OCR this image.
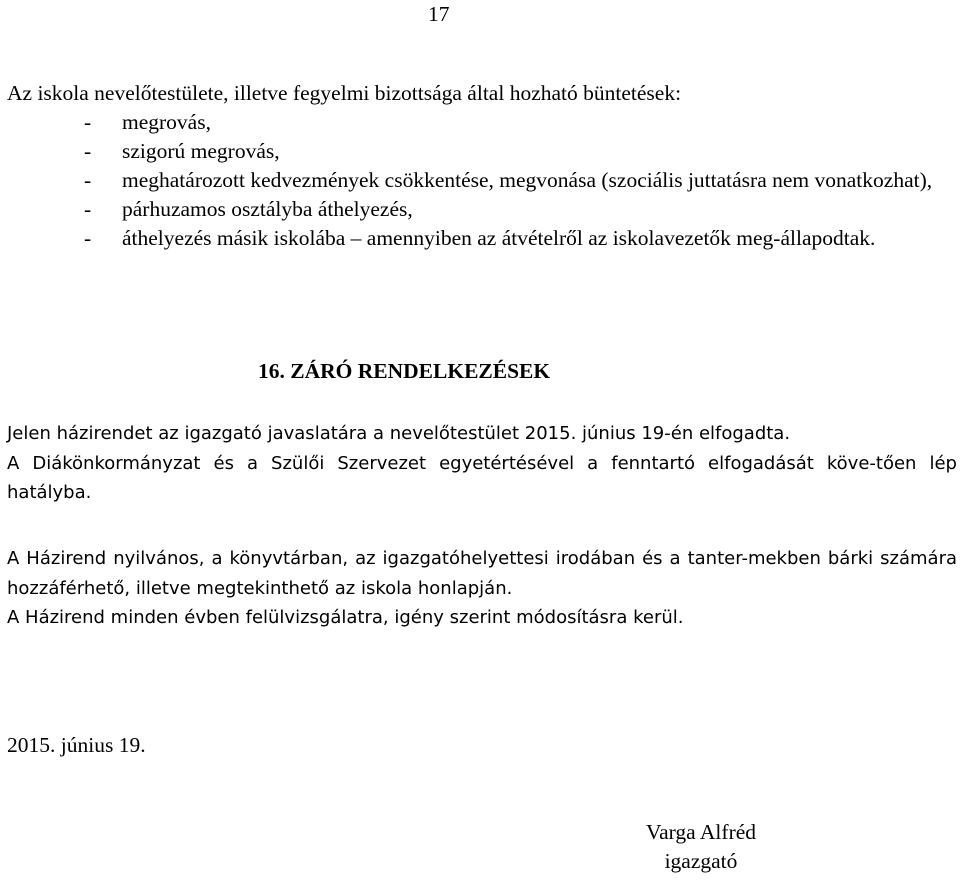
17
Az iskola nevelőtestülete, illetve fegyelmi bizottsága által hozható büntetések:
- megrovás,
- szigorú megrovás,
- meghatározott kedvezmények csökkentése, megvonása (szociális juttatásra nem vonatkozhat),
- párhuzamos osztályba áthelyezés,
- áthelyezés másik iskolába – amennyiben az átvételről az iskolavezetők meg-állapodtak.
16. ZÁRÓ RENDELKEZÉSEK
Jelen házirendet az igazgató javaslatára a nevelőtestület 2015. június 19-én elfogadta.
A Diákönkormányzat és a Szülői Szervezet egyetértésével a fenntartó elfogadását köve-tően lép hatályba.
A Házirend nyilvános, a könyvtárban, az igazgatóhelyettesi irodában és a tanter-mekben bárki számára hozzáférhető, illetve megtekinthető az iskola honlapján.
A Házirend minden évben felülvizsgálatra, igény szerint módosításra kerül.
2015. június 19.
Varga Alfréd
igazgató
